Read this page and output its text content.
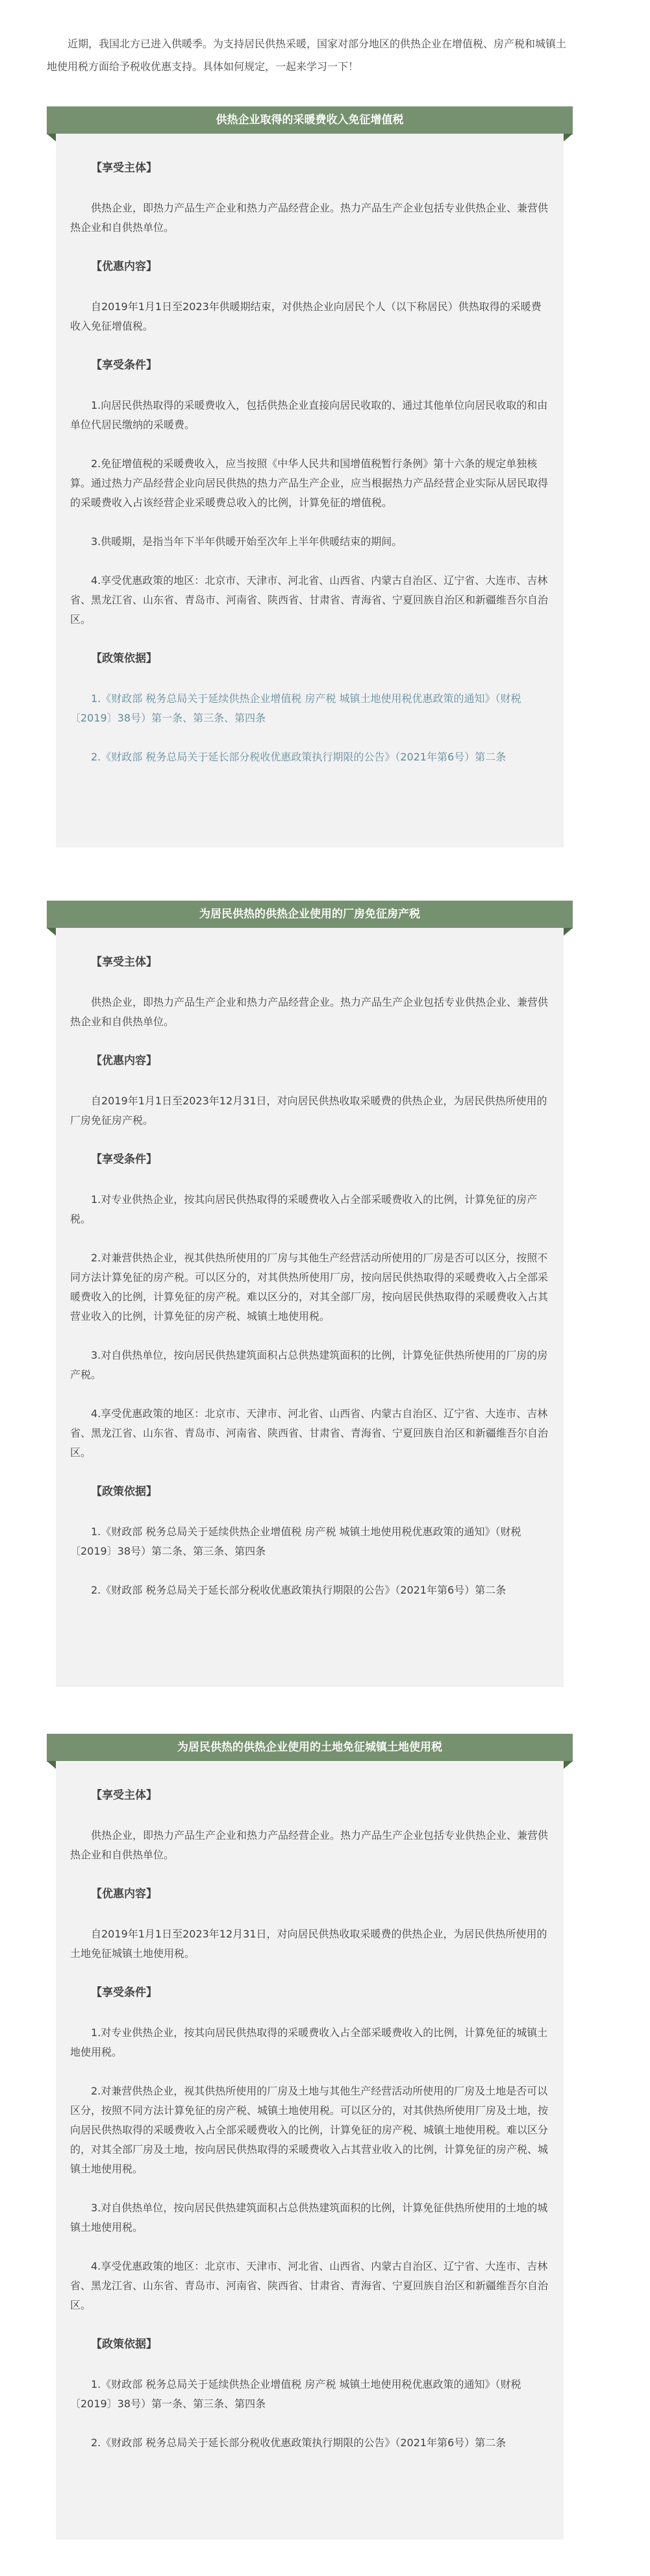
近期，我国北方已进入供暖季。为支持居民供热采暖，国家对部分地区的供热企业在增值税、房产税和城镇土地使用税方面给予税收优惠支持。具体如何规定，一起来学习一下！

供热企业取得的采暖费收入免征增值税

【享受主体】

供热企业，即热力产品生产企业和热力产品经营企业。热力产品生产企业包括专业供热企业、兼营供热企业和自供热单位。

【优惠内容】

自2019年1月1日至2023年供暖期结束，对供热企业向居民个人（以下称居民）供热取得的采暖费收入免征增值税。

【享受条件】

1.向居民供热取得的采暖费收入，包括供热企业直接向居民收取的、通过其他单位向居民收取的和由单位代居民缴纳的采暖费。

2.免征增值税的采暖费收入，应当按照《中华人民共和国增值税暂行条例》第十六条的规定单独核算。通过热力产品经营企业向居民供热的热力产品生产企业，应当根据热力产品经营企业实际从居民取得的采暖费收入占该经营企业采暖费总收入的比例，计算免征的增值税。

3.供暖期，是指当年下半年供暖开始至次年上半年供暖结束的期间。

4.享受优惠政策的地区：北京市、天津市、河北省、山西省、内蒙古自治区、辽宁省、大连市、吉林省、黑龙江省、山东省、青岛市、河南省、陕西省、甘肃省、青海省、宁夏回族自治区和新疆维吾尔自治区。

【政策依据】

1.《财政部 税务总局关于延续供热企业增值税 房产税 城镇土地使用税优惠政策的通知》（财税〔2019〕38号）第一条、第三条、第四条

2.《财政部 税务总局关于延长部分税收优惠政策执行期限的公告》（2021年第6号）第二条

为居民供热的供热企业使用的厂房免征房产税

【享受主体】

供热企业，即热力产品生产企业和热力产品经营企业。热力产品生产企业包括专业供热企业、兼营供热企业和自供热单位。

【优惠内容】

自2019年1月1日至2023年12月31日，对向居民供热收取采暖费的供热企业，为居民供热所使用的厂房免征房产税。

【享受条件】

1.对专业供热企业，按其向居民供热取得的采暖费收入占全部采暖费收入的比例，计算免征的房产税。

2.对兼营供热企业，视其供热所使用的厂房与其他生产经营活动所使用的厂房是否可以区分，按照不同方法计算免征的房产税。可以区分的，对其供热所使用厂房，按向居民供热取得的采暖费收入占全部采暖费收入的比例，计算免征的房产税。难以区分的，对其全部厂房，按向居民供热取得的采暖费收入占其营业收入的比例，计算免征的房产税、城镇土地使用税。

3.对自供热单位，按向居民供热建筑面积占总供热建筑面积的比例，计算免征供热所使用的厂房的房产税。

4.享受优惠政策的地区：北京市、天津市、河北省、山西省、内蒙古自治区、辽宁省、大连市、吉林省、黑龙江省、山东省、青岛市、河南省、陕西省、甘肃省、青海省、宁夏回族自治区和新疆维吾尔自治区。

【政策依据】

1.《财政部 税务总局关于延续供热企业增值税 房产税 城镇土地使用税优惠政策的通知》（财税〔2019〕38号）第二条、第三条、第四条

2.《财政部 税务总局关于延长部分税收优惠政策执行期限的公告》（2021年第6号）第二条

为居民供热的供热企业使用的土地免征城镇土地使用税

【享受主体】

供热企业，即热力产品生产企业和热力产品经营企业。热力产品生产企业包括专业供热企业、兼营供热企业和自供热单位。

【优惠内容】

自2019年1月1日至2023年12月31日，对向居民供热收取采暖费的供热企业，为居民供热所使用的土地免征城镇土地使用税。

【享受条件】

1.对专业供热企业，按其向居民供热取得的采暖费收入占全部采暖费收入的比例，计算免征的城镇土地使用税。

2.对兼营供热企业，视其供热所使用的厂房及土地与其他生产经营活动所使用的厂房及土地是否可以区分，按照不同方法计算免征的房产税、城镇土地使用税。可以区分的，对其供热所使用厂房及土地，按向居民供热取得的采暖费收入占全部采暖费收入的比例，计算免征的房产税、城镇土地使用税。难以区分的，对其全部厂房及土地，按向居民供热取得的采暖费收入占其营业收入的比例，计算免征的房产税、城镇土地使用税。

3.对自供热单位，按向居民供热建筑面积占总供热建筑面积的比例，计算免征供热所使用的土地的城镇土地使用税。

4.享受优惠政策的地区：北京市、天津市、河北省、山西省、内蒙古自治区、辽宁省、大连市、吉林省、黑龙江省、山东省、青岛市、河南省、陕西省、甘肃省、青海省、宁夏回族自治区和新疆维吾尔自治区。

【政策依据】

1.《财政部 税务总局关于延续供热企业增值税 房产税 城镇土地使用税优惠政策的通知》（财税〔2019〕38号）第一条、第三条、第四条

2.《财政部 税务总局关于延长部分税收优惠政策执行期限的公告》（2021年第6号）第二条
